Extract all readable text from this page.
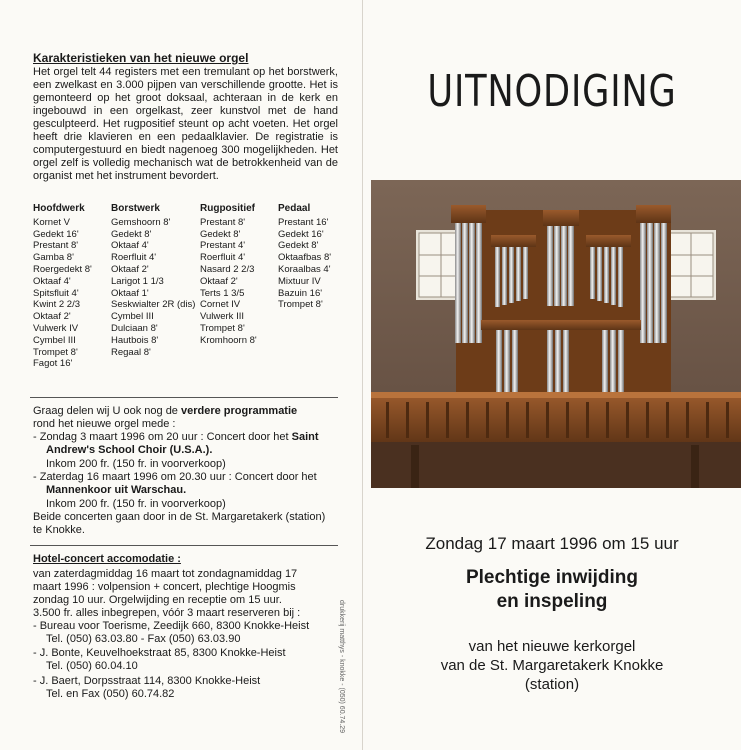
Karakteristieken van het nieuwe orgel
Het orgel telt 44 registers met een tremulant op het borstwerk, een zwelkast en 3.000 pijpen van verschillende grootte. Het is gemonteerd op het groot doksaal, achteraan in de kerk en ingebouwd in een orgelkast, zeer kunstvol met de hand gesculpteerd. Het rugpositief steunt op acht voeten. Het orgel heeft drie klavieren en een pedaalklavier. De registratie is computergestuurd en biedt nagenoeg 300 mogelijkheden. Het orgel zelf is volledig mechanisch wat de betrokkenheid van de organist met het instrument bevordert.
Hoofdwerk
Kornet V
Gedekt 16'
Prestant 8'
Gamba 8'
Roergedekt 8'
Oktaaf 4'
Spitsfluit 4'
Kwint 2 2/3
Oktaaf 2'
Vulwerk IV
Cymbel III
Trompet 8'
Fagot 16'
Borstwerk
Gemshoorn 8'
Gedekt 8'
Oktaaf 4'
Roerfluit 4'
Oktaaf 2'
Larigot 1 1/3
Oktaaf 1'
Seskwialter 2R (dis)
Cymbel III
Dulciaan 8'
Hautbois 8'
Regaal 8'
Rugpositief
Prestant 8'
Gedekt 8'
Prestant 4'
Roerfluit 4'
Nasard 2 2/3
Oktaaf 2'
Terts 1 3/5
Cornet IV
Vulwerk III
Trompet 8'
Kromhoorn 8'
Pedaal
Prestant 16'
Gedekt 16'
Gedekt 8'
Oktaafbas 8'
Koraalbas 4'
Mixtuur IV
Bazuin 16'
Trompet 8'
Graag delen wij U ook nog de verdere programmatie
rond het nieuwe orgel mede :
- Zondag 3 maart 1996 om 20 uur : Concert door het Saint
Andrew's School Choir (U.S.A.).
Inkom 200 fr. (150 fr. in voorverkoop)
- Zaterdag 16 maart 1996 om 20.30 uur : Concert door het
Mannenkoor uit Warschau.
Inkom 200 fr. (150 fr. in voorverkoop)
Beide concerten gaan door in de St. Margaretakerk (station)
te Knokke.
Hotel-concert accomodatie :
van zaterdagmiddag 16 maart tot zondagnamiddag 17
maart 1996 : volpension + concert, plechtige Hoogmis
zondag 10 uur. Orgelwijding en receptie om 15 uur.
3.500 fr. alles inbegrepen, vóór 3 maart reserveren bij :
- Bureau voor Toerisme, Zeedijk 660, 8300 Knokke-Heist
Tel. (050) 63.03.80 - Fax (050) 63.03.90
- J. Bonte, Keuvelhoekstraat 85, 8300 Knokke-Heist
Tel. (050) 60.04.10
- J. Baert, Dorpsstraat 114, 8300 Knokke-Heist
Tel. en Fax (050) 60.74.82	drukkerij matthys - knokke - (050) 60.74.29
UITNODIGING
Zondag 17 maart 1996 om 15 uur
Plechtige inwijding
en inspeling
van het nieuwe kerkorgel
van de St. Margaretakerk Knokke
(station)
